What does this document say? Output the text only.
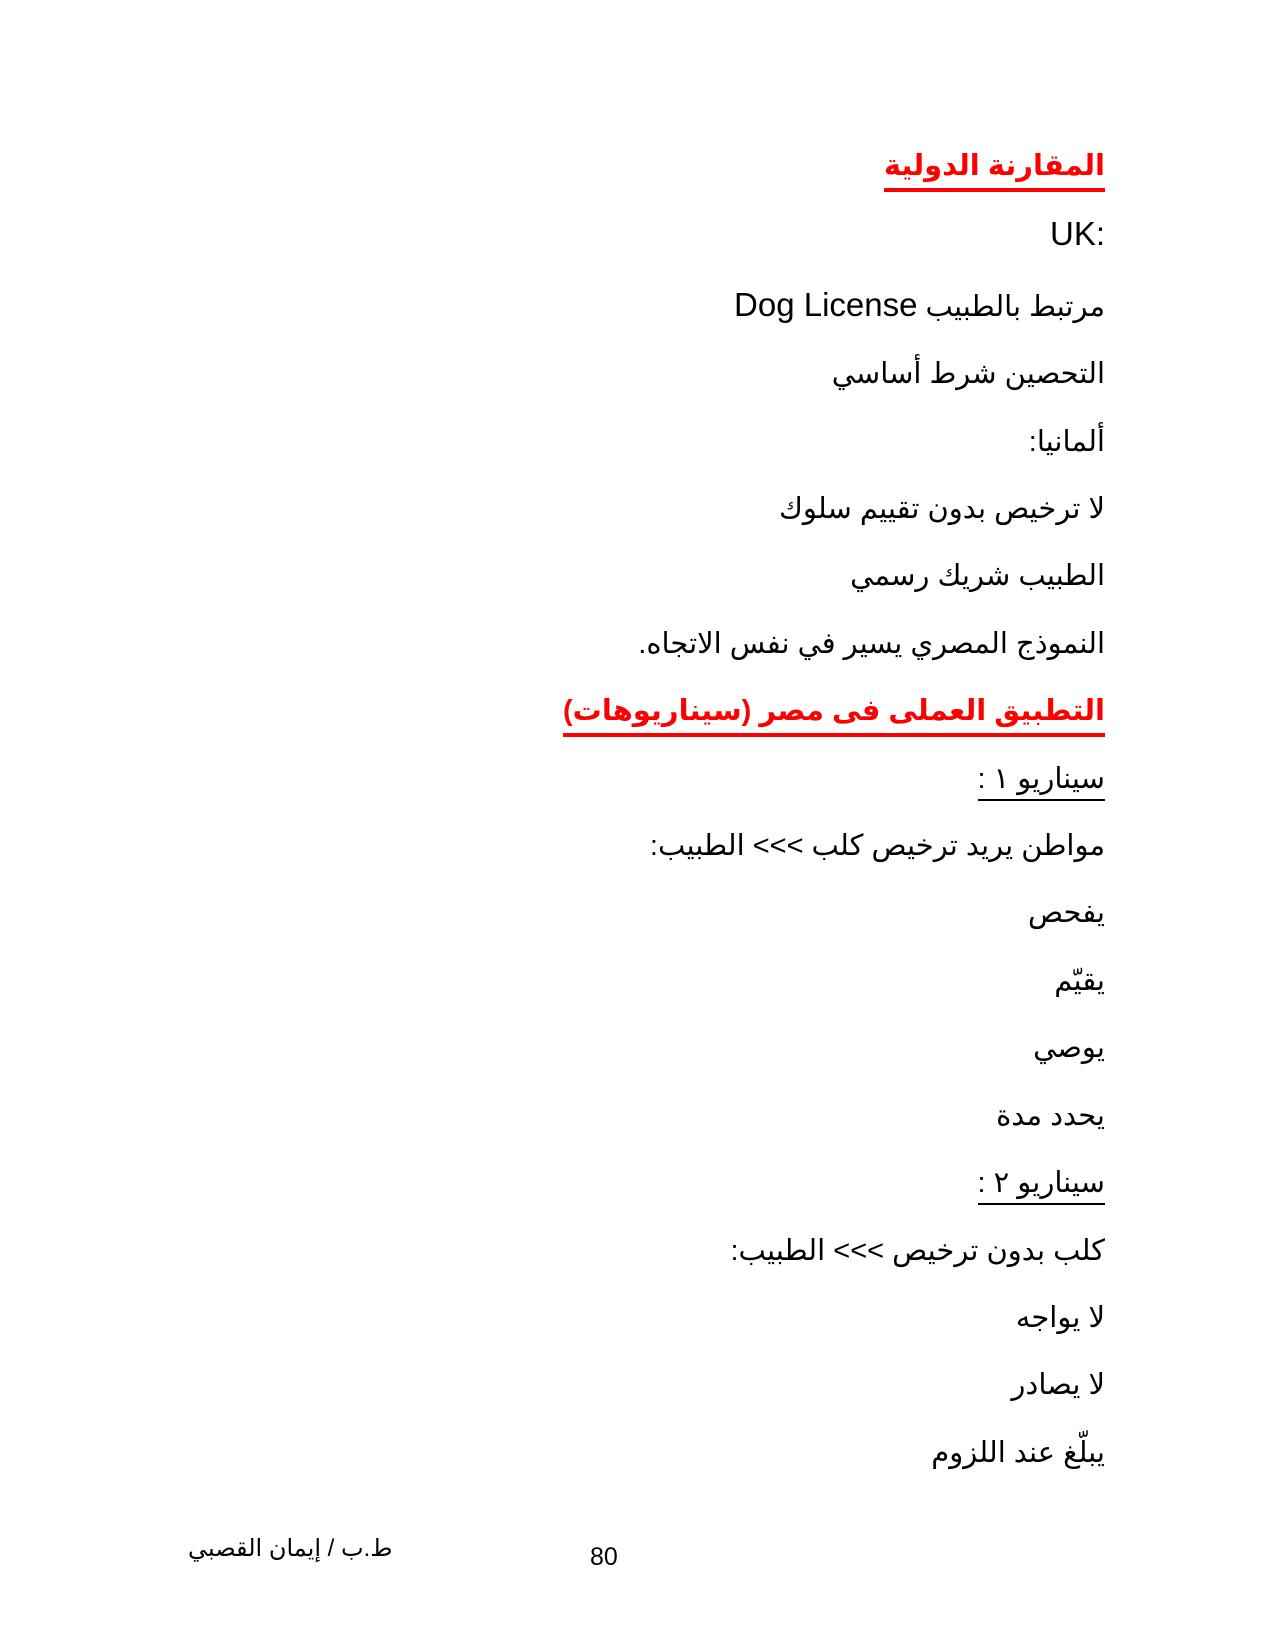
المقارنة الدولية

UK:

مرتبط بالطبيب Dog License

التحصين شرط أساسي

ألمانيا:

لا ترخيص بدون تقييم سلوك

الطبيب شريك رسمي

النموذج المصري يسير في نفس الاتجاه.

التطبيق العملى فى مصر (سيناريوهات)

سيناريو ١ :

مواطن يريد ترخيص كلب >>> الطبيب:

يفحص

يقيّم

يوصي

يحدد مدة

سيناريو ٢ :

كلب بدون ترخيص >>> الطبيب:

لا يواجه

لا يصادر

يبلّغ عند اللزوم

ط.ب / إيمان القصبي	80
